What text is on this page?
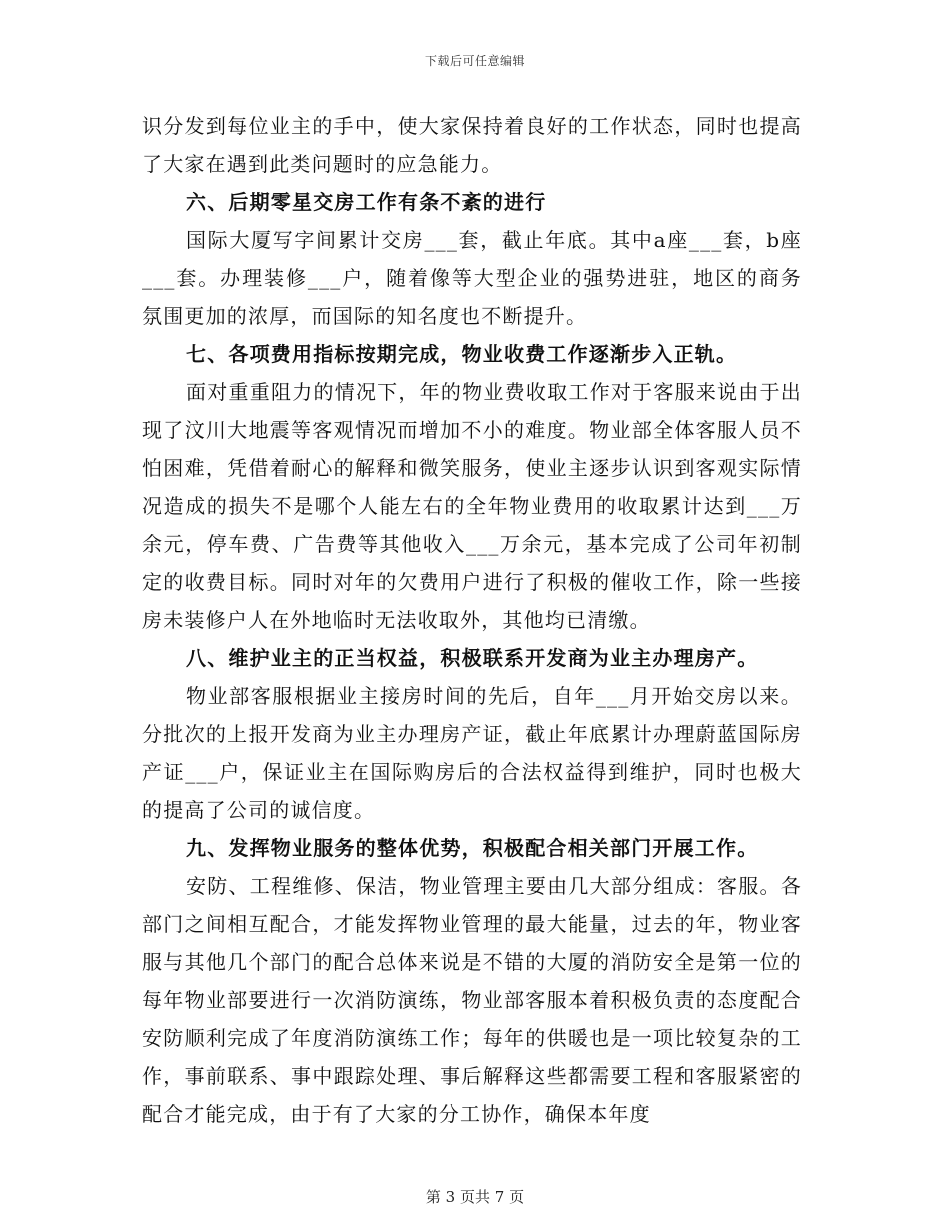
下载后可任意编辑

识分发到每位业主的手中，使大家保持着良好的工作状态，同时也提高了大家在遇到此类问题时的应急能力。

六、后期零星交房工作有条不紊的进行

国际大厦写字间累计交房___套，截止年底。其中a座___套，b座___套。办理装修___户，随着像等大型企业的强势进驻，地区的商务氛围更加的浓厚，而国际的知名度也不断提升。

七、各项费用指标按期完成，物业收费工作逐渐步入正轨。

面对重重阻力的情况下，年的物业费收取工作对于客服来说由于出现了汶川大地震等客观情况而增加不小的难度。物业部全体客服人员不怕困难，凭借着耐心的解释和微笑服务，使业主逐步认识到客观实际情况造成的损失不是哪个人能左右的全年物业费用的收取累计达到___万余元，停车费、广告费等其他收入___万余元，基本完成了公司年初制定的收费目标。同时对年的欠费用户进行了积极的催收工作，除一些接房未装修户人在外地临时无法收取外，其他均已清缴。

八、维护业主的正当权益，积极联系开发商为业主办理房产。

物业部客服根据业主接房时间的先后，自年___月开始交房以来。分批次的上报开发商为业主办理房产证，截止年底累计办理蔚蓝国际房产证___户，保证业主在国际购房后的合法权益得到维护，同时也极大的提高了公司的诚信度。

九、发挥物业服务的整体优势，积极配合相关部门开展工作。

安防、工程维修、保洁，物业管理主要由几大部分组成：客服。各部门之间相互配合，才能发挥物业管理的最大能量，过去的年，物业客服与其他几个部门的配合总体来说是不错的大厦的消防安全是第一位的每年物业部要进行一次消防演练，物业部客服本着积极负责的态度配合安防顺利完成了年度消防演练工作；每年的供暖也是一项比较复杂的工作，事前联系、事中跟踪处理、事后解释这些都需要工程和客服紧密的配合才能完成，由于有了大家的分工协作，确保本年度

第 3 页共 7 页
